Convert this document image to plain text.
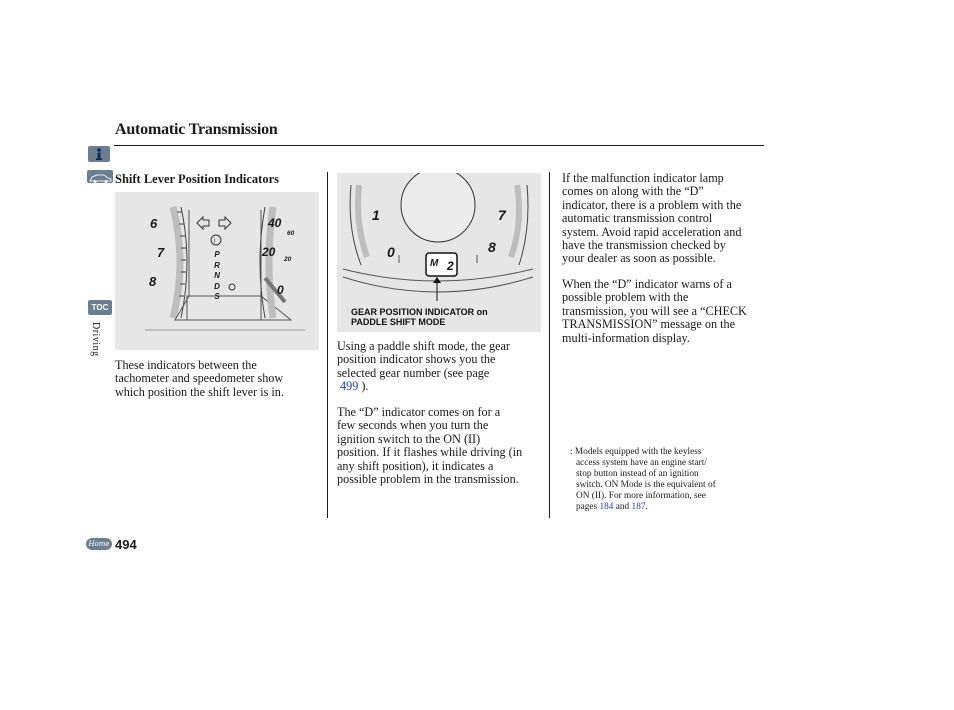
Automatic Transmission
TOC
Driving
Shift Lever Position Indicators
i
6
7
8
40
60
20
20
0
P
R
N
D
S
These indicators between the
tachometer and speedometer show
which position the shift lever is in.
2
1
0
7
8
M
GEAR POSITION INDICATOR on
PADDLE SHIFT MODE
Using a paddle shift mode, the gear
position indicator shows you the
selected gear number (see page
499 ).
The “D” indicator comes on for a
few seconds when you turn the
ignition switch to the ON (II)
position. If it flashes while driving (in
any shift position), it indicates a
possible problem in the transmission.
If the malfunction indicator lamp
comes on along with the “D”
indicator, there is a problem with the
automatic transmission control
system. Avoid rapid acceleration and
have the transmission checked by
your dealer as soon as possible.
When the “D” indicator warns of a
possible problem with the
transmission, you will see a “CHECK
TRANSMISSION” message on the
multi-information display.
: Models equipped with the keyless
access system have an engine start/
stop button instead of an ignition
switch. ON Mode is the equivalent of
ON (II). For more information, see
pages 184 and 187.
Home 494
